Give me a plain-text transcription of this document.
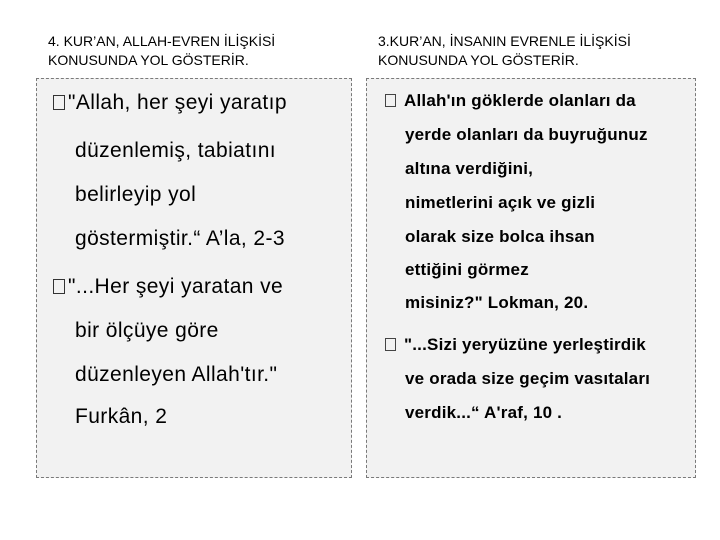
4. KUR’AN, ALLAH-EVREN İLİŞKİSİ
KONUSUNDA YOL GÖSTERİR.
"Allah, her şeyi yaratıp
düzenlemiş, tabiatını
belirleyip yol
göstermiştir.“ A’la, 2-3
"...Her şeyi yaratan ve
bir ölçüye göre
düzenleyen Allah'tır."
Furkân, 2
3.KUR’AN, İNSANIN EVRENLE İLİŞKİSİ
KONUSUNDA YOL GÖSTERİR.
Allah'ın göklerde olanları da
yerde olanları da buyruğunuz
altına verdiğini,
nimetlerini açık ve gizli
olarak size bolca ihsan
ettiğini görmez
misiniz?" Lokman, 20.
"...Sizi yeryüzüne yerleştirdik
ve orada size geçim vasıtaları
verdik...“ A'raf, 10 .
